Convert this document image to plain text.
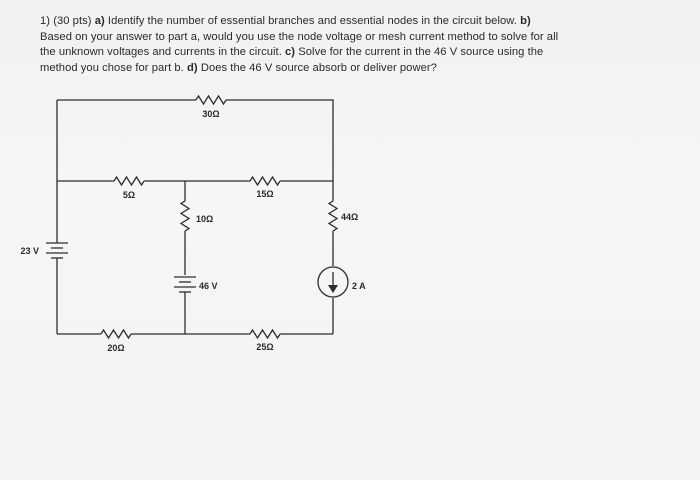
1) (30 pts) a) Identify the number of essential branches and essential nodes in the circuit below. b)

Based on your answer to part a, would you use the node voltage or mesh current method to solve for all

the unknown voltages and currents in the circuit. c) Solve for the current in the 46 V source using the

method you chose for part b. d) Does the 46 V source absorb or deliver power?

30Ω
5Ω	15Ω
23 V
10Ω
46 V
44Ω
2 A
20Ω	25Ω
